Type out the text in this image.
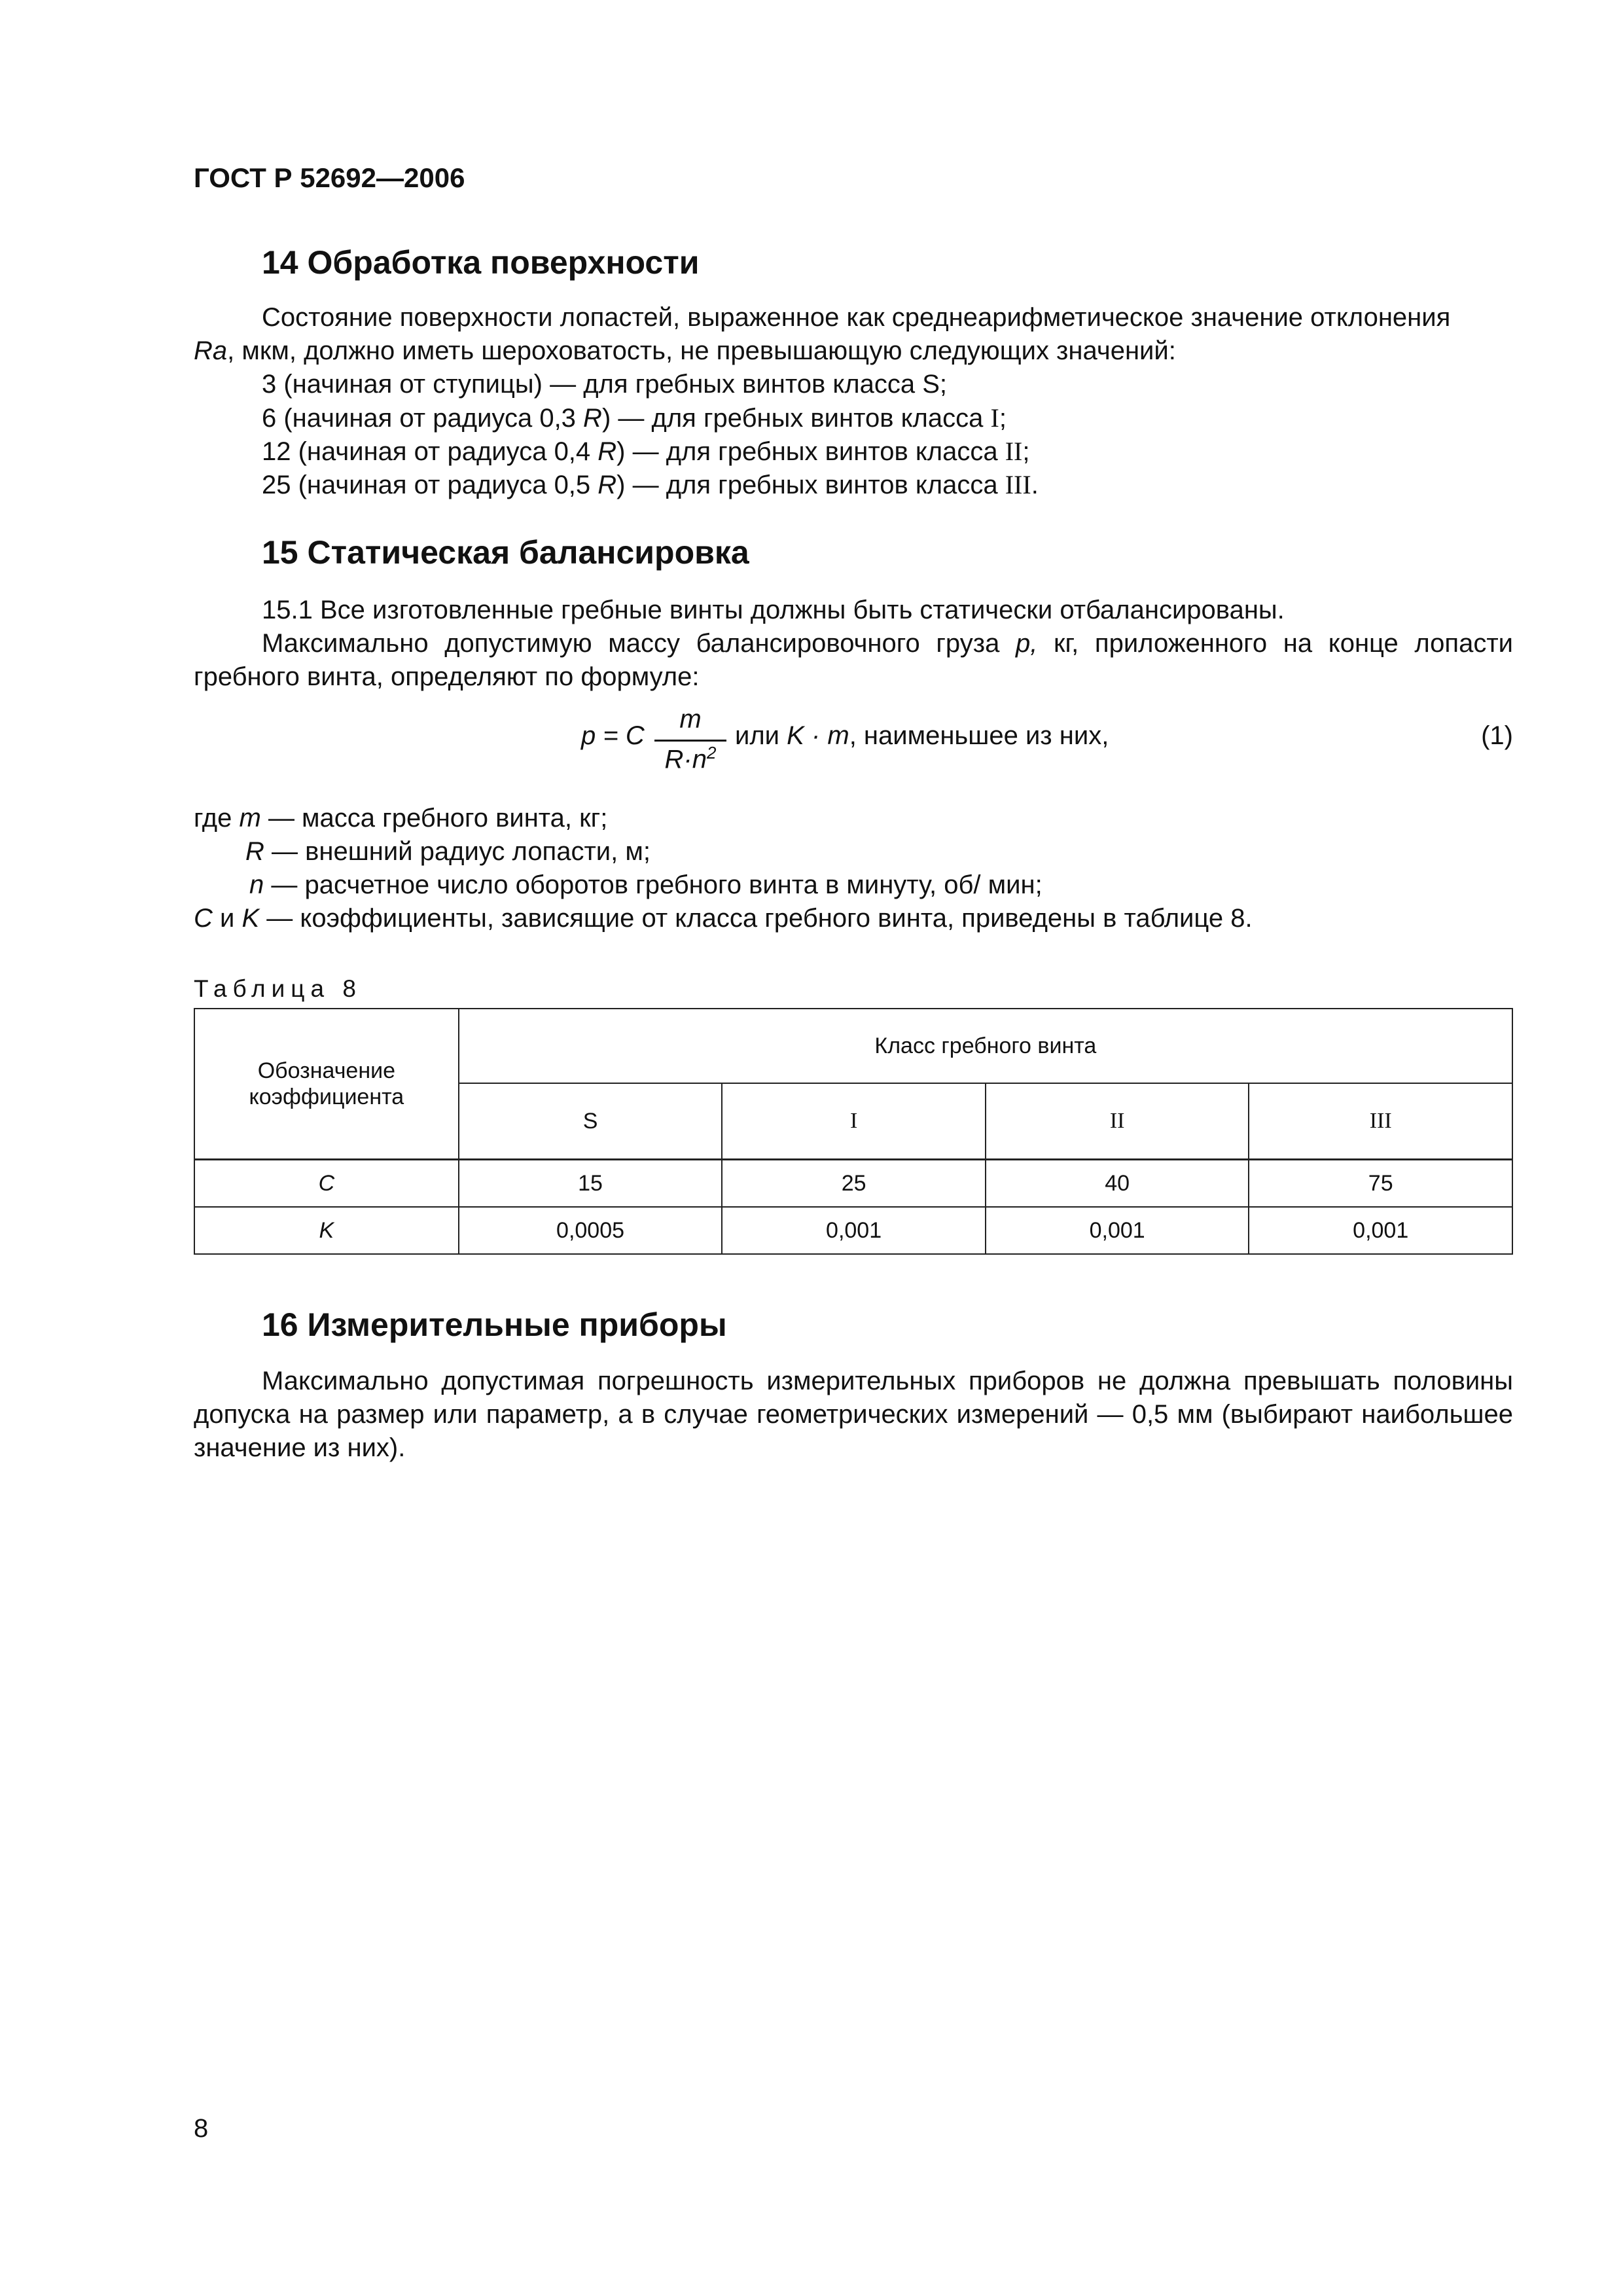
ГОСТ Р 52692—2006
14 Обработка поверхности
Состояние поверхности лопастей, выраженное как среднеарифметическое значение отклонения
Ra, мкм, должно иметь шероховатость, не превышающую следующих значений:
3 (начиная от ступицы) — для гребных винтов класса S;
6 (начиная от радиуса 0,3 R) — для гребных винтов класса I;
12 (начиная от радиуса 0,4 R) — для гребных винтов класса II;
25 (начиная от радиуса 0,5 R) — для гребных винтов класса III.
15 Статическая балансировка
15.1 Все изготовленные гребные винты должны быть статически отбалансированы.
Максимально допустимую массу балансировочного груза p, кг, приложенного на конце лопасти гребного винта, определяют по формуле:
p = C
m
$R\cdot n^2$
или K · m, наименьшее из них,	(1)
где m — масса гребного винта, кг;
R — внешний радиус лопасти, м;
n — расчетное число оборотов гребного винта в минуту, об/ мин;
C и K — коэффициенты, зависящие от класса гребного винта, приведены в таблице 8.
Таблица 8
Обозначение коэффициента	Класс гребного винта			
	S	I	II	III
C	15	25	40	75
K	0,0005	0,001	0,001	0,001
16 Измерительные приборы
Максимально допустимая погрешность измерительных приборов не должна превышать половины допуска на размер или параметр, а в случае геометрических измерений — 0,5 мм (выбирают наибольшее значение из них).
8
